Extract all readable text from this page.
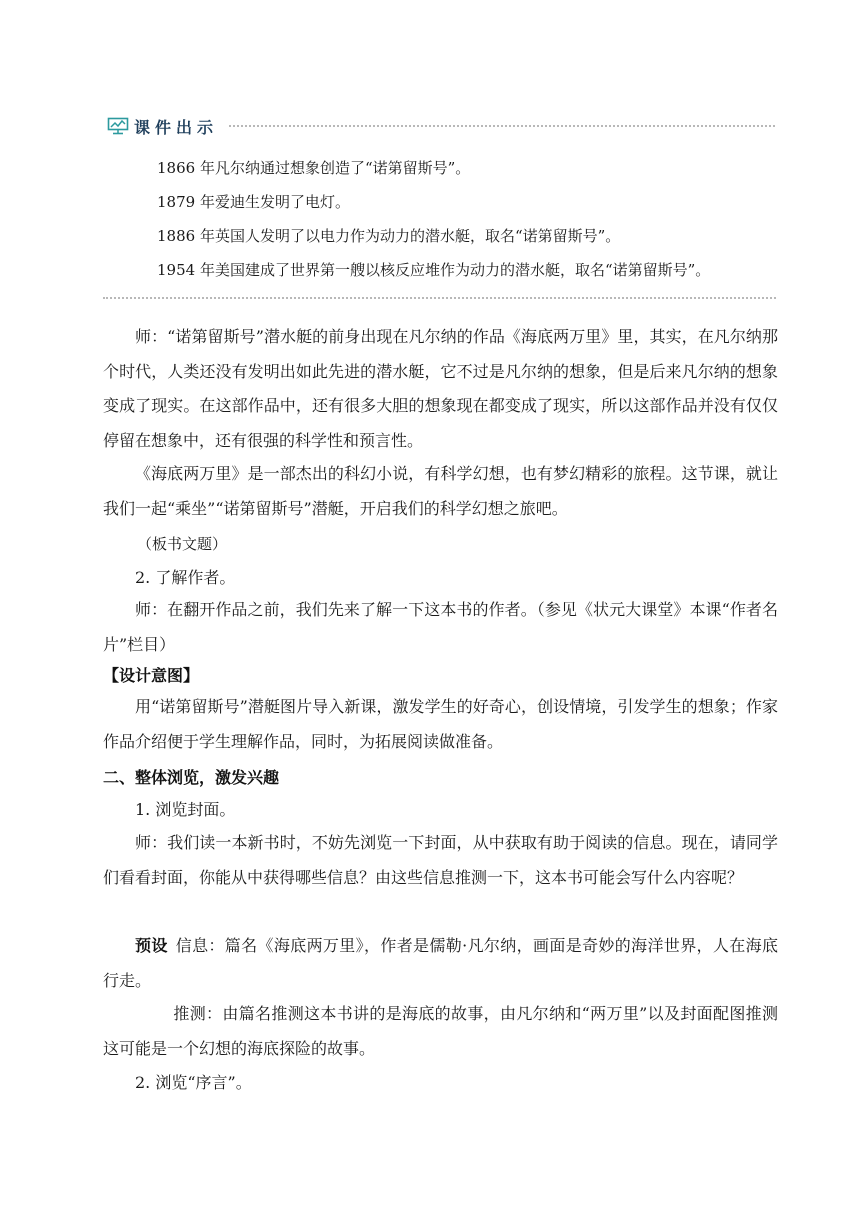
课件出示
1866 年凡尔纳通过想象创造了“诺第留斯号”。
1879 年爱迪生发明了电灯。
1886 年英国人发明了以电力作为动力的潜水艇，取名“诺第留斯号”。
1954 年美国建成了世界第一艘以核反应堆作为动力的潜水艇，取名“诺第留斯号”。
师：“诺第留斯号”潜水艇的前身出现在凡尔纳的作品《海底两万里》里，其实，在凡尔纳那个时代，人类还没有发明出如此先进的潜水艇，它不过是凡尔纳的想象，但是后来凡尔纳的想象变成了现实。在这部作品中，还有很多大胆的想象现在都变成了现实，所以这部作品并没有仅仅停留在想象中，还有很强的科学性和预言性。
《海底两万里》是一部杰出的科幻小说，有科学幻想，也有梦幻精彩的旅程。这节课，就让我们一起“乘坐”“诺第留斯号”潜艇，开启我们的科学幻想之旅吧。
（板书文题）
2. 了解作者。
师：在翻开作品之前，我们先来了解一下这本书的作者。（参见《状元大课堂》本课“作者名片”栏目）
【设计意图】
用“诺第留斯号”潜艇图片导入新课，激发学生的好奇心，创设情境，引发学生的想象；作家作品介绍便于学生理解作品，同时，为拓展阅读做准备。
二、整体浏览，激发兴趣
1. 浏览封面。
师：我们读一本新书时，不妨先浏览一下封面，从中获取有助于阅读的信息。现在，请同学们看看封面，你能从中获得哪些信息？由这些信息推测一下，这本书可能会写什么内容呢？
预设 信息：篇名《海底两万里》，作者是儒勒·凡尔纳，画面是奇妙的海洋世界，人在海底行走。
推测：由篇名推测这本书讲的是海底的故事，由凡尔纳和“两万里”以及封面配图推测这可能是一个幻想的海底探险的故事。
2. 浏览“序言”。
